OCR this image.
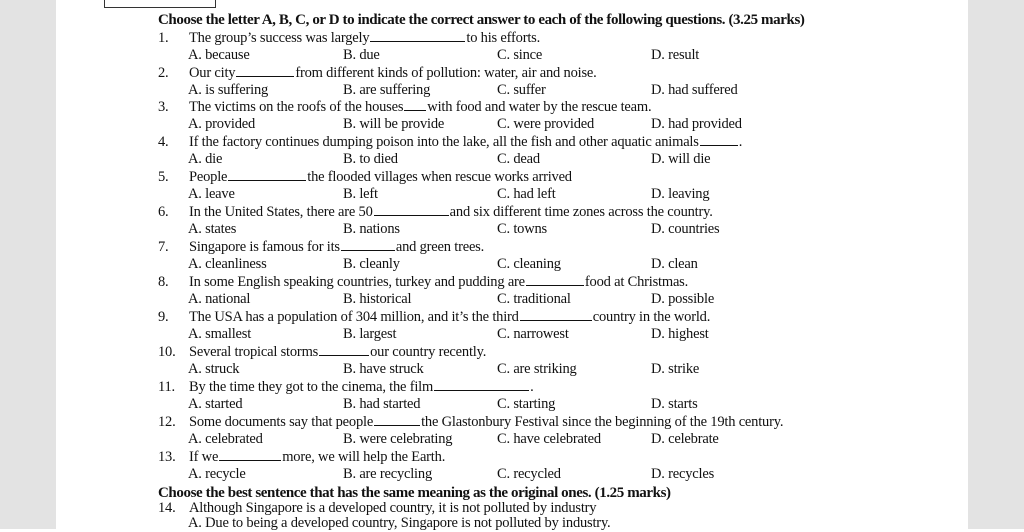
Choose the letter A, B, C, or D to indicate the correct answer to each of the following questions. (3.25 marks)
1. The group’s success was largely	to his efforts.
A. because	B. due	C. since	D. result
2. Our city	from different kinds of pollution: water, air and noise.
A. is suffering	B. are suffering	C. suffer	D. had suffered
3. The victims on the roofs of the houses with food and water by the rescue team.
A. provided	B. will be provide	C. were provided	D. had provided
4. If the factory continues dumping poison into the lake, all the fish and other aquatic animals	.
A. die	B. to died	C. dead	D. will die
5. People	the flooded villages when rescue works arrived
A. leave	B. left	C. had left	D. leaving
6. In the United States, there are 50	and six different time zones across the country.
A. states	B. nations	C. towns	D. countries
7. Singapore is famous for its	and green trees.
A. cleanliness	B. cleanly	C. cleaning	D. clean
8. In some English speaking countries, turkey and pudding are	food at Christmas.
A. national	B. historical	C. traditional	D. possible
9. The USA has a population of 304 million, and it’s the third	country in the world.
A. smallest	B. largest	C. narrowest	D. highest
10. Several tropical storms	our country recently.
A. struck	B. have struck	C. are striking	D. strike
11. By the time they got to the cinema, the film	.
A. started	B. had started	C. starting	D. starts
12. Some documents say that people	the Glastonbury Festival since the beginning of the 19th century.
A. celebrated	B. were celebrating	C. have celebrated	D. celebrate
13. If we	more, we will help the Earth.
A. recycle	B. are recycling	C. recycled	D. recycles
Choose the best sentence that has the same meaning as the original ones. (1.25 marks)
14. Although Singapore is a developed country, it is not polluted by industry
A. Due to being a developed country, Singapore is not polluted by industry.
